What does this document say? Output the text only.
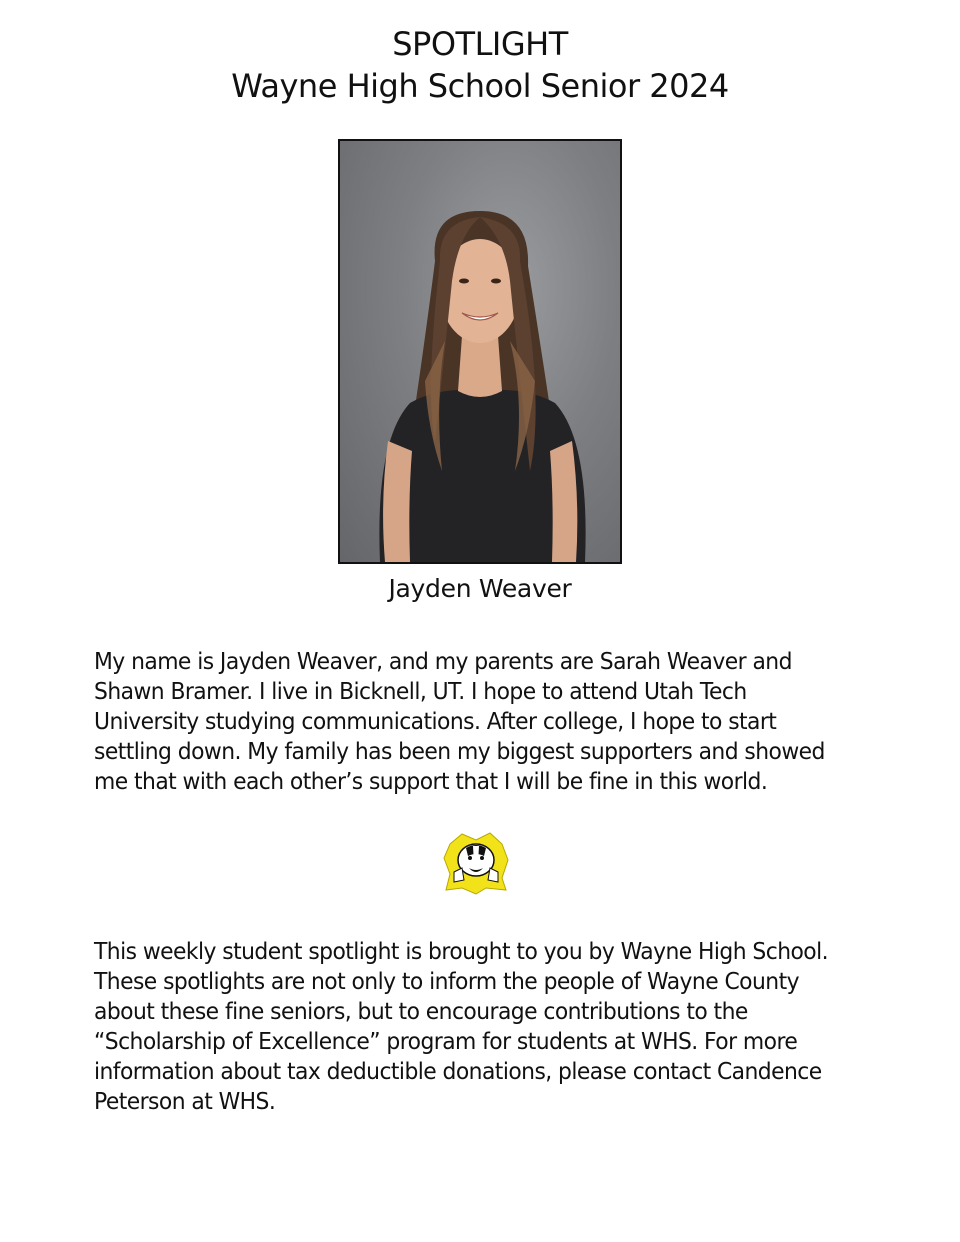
SPOTLIGHT
Wayne High School Senior 2024
Jayden Weaver
My name is Jayden Weaver, and my parents are Sarah Weaver and Shawn Bramer. I live in Bicknell, UT. I hope to attend Utah Tech University studying communications. After college, I hope to start settling down. My family has been my biggest supporters and showed me that with each other’s support that I will be fine in this world.
This weekly student spotlight is brought to you by Wayne High School. These spotlights are not only to inform the people of Wayne County about these fine seniors, but to encourage contributions to the “Scholarship of Excellence” program for students at WHS. For more information about tax deductible donations, please contact Candence Peterson at WHS.
